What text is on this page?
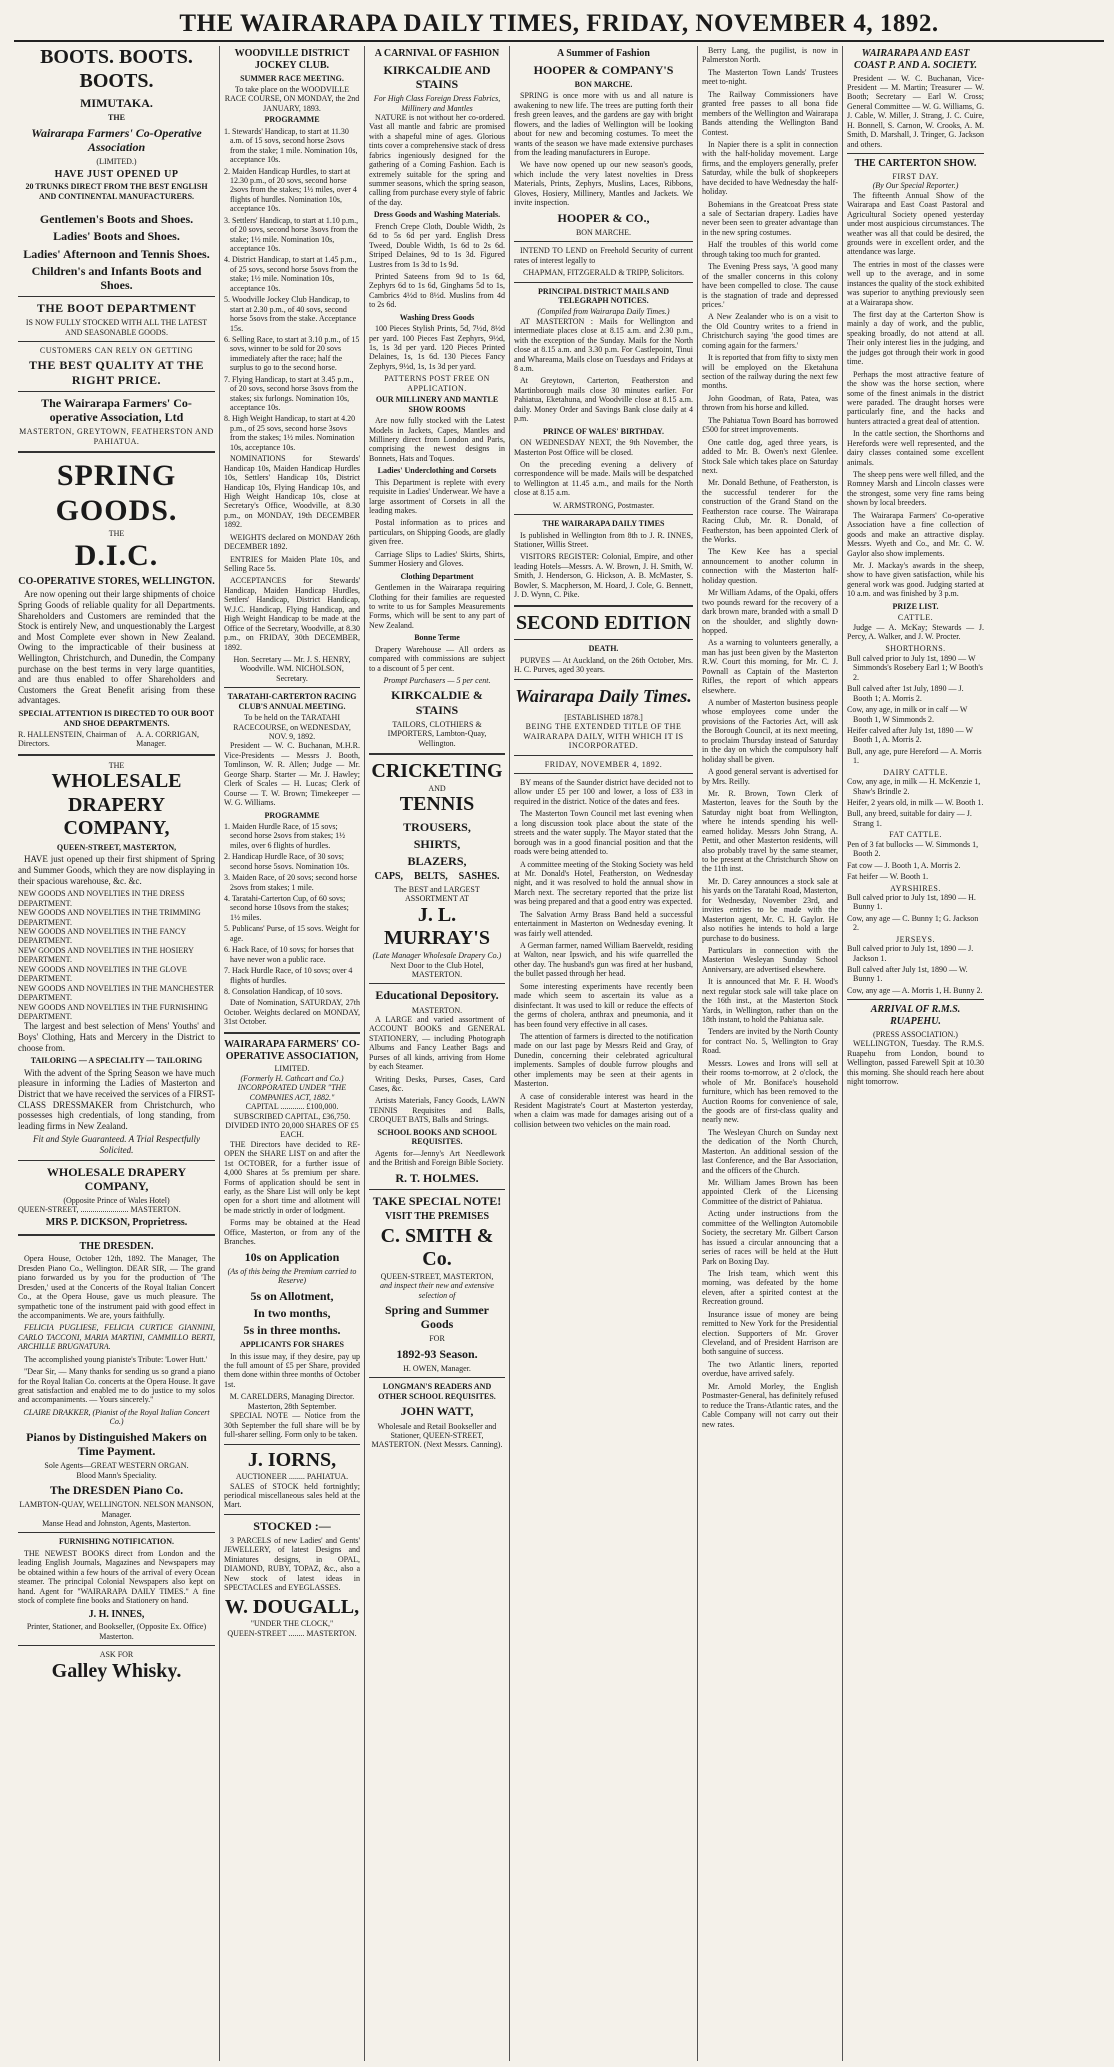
THE WAIRARAPA DAILY TIMES, FRIDAY, NOVEMBER 4, 1892.
BOOTS. BOOTS. BOOTS.
MIMUTAKA.
THE
Wairarapa Farmers' Co-Operative Association
(LIMITED.)
HAVE JUST OPENED UP
20 TRUNKS DIRECT FROM THE BEST ENGLISH AND CONTINENTAL MANUFACTURERS.
Gentlemen's Boots and Shoes.
Ladies' Boots and Shoes.
Ladies' Afternoon and Tennis Shoes.
Children's and Infants Boots and Shoes.
THE BOOT DEPARTMENT
IS NOW FULLY STOCKED WITH ALL THE LATEST AND SEASONABLE GOODS.
CUSTOMERS CAN RELY ON GETTING
THE BEST QUALITY AT THE RIGHT PRICE.
The Wairarapa Farmers' Co-operative Association, Ltd
MASTERTON, GREYTOWN, FEATHERSTON AND PAHIATUA.
SPRING GOODS.
THE
D.I.C.
CO-OPERATIVE STORES, WELLINGTON.

Are now opening out their large shipments of choice Spring Goods of reliable quality for all Departments. Shareholders and Customers are reminded that the Stock is entirely New, and unquestionably the Largest and Most Complete ever shown in New Zealand. Owing to the impracticable of their business at Wellington, Christchurch, and Dunedin, the Company purchase on the best terms in very large quantities, and are thus enabled to offer Shareholders and Customers the Great Benefit arising from these advantages.

SPECIAL ATTENTION IS DIRECTED TO OUR BOOT AND SHOE DEPARTMENTS.
R. HALLENSTEIN, Chairman of Directors.
A. A. CORRIGAN, Manager.
THE
WHOLESALE DRAPERY COMPANY,
QUEEN-STREET, MASTERTON,

HAVE just opened up their first shipment of Spring and Summer Goods, which they are now displaying in their spacious warehouse, &c. &c.

NEW GOODS AND NOVELTIES IN THE DRESS DEPARTMENT.
NEW GOODS AND NOVELTIES IN THE TRIMMING DEPARTMENT.
NEW GOODS AND NOVELTIES IN THE FANCY DEPARTMENT.
NEW GOODS AND NOVELTIES IN THE HOSIERY DEPARTMENT.
NEW GOODS AND NOVELTIES IN THE GLOVE DEPARTMENT.
NEW GOODS AND NOVELTIES IN THE MANCHESTER DEPARTMENT.
NEW GOODS AND NOVELTIES IN THE FURNISHING DEPARTMENT.

The largest and best selection of Mens' Youths' and Boys' Clothing, Hats and Mercery in the District to choose from.

TAILORING — A SPECIALITY — TAILORING

With the advent of the Spring Season we have much pleasure in informing the Ladies of Masterton and District that we have received the services of a FIRST-CLASS DRESSMAKER from Christchurch, who possesses high credentials, of long standing, from leading firms in New Zealand.

Fit and Style Guaranteed. A Trial Respectfully Solicited.
WHOLESALE DRAPERY COMPANY,
(Opposite Prince of Wales Hotel)
QUEEN-STREET, ........................ MASTERTON.
MRS P. DICKSON, Proprietress.
THE DRESDEN.

Opera House, October 12th, 1892. The Manager, The Dresden Piano Co., Wellington. DEAR SIR, — The grand piano forwarded us by you for the production of 'The Dresden,' used at the Concerts of the Royal Italian Concert Co., at the Opera House, gave us much pleasure. The sympathetic tone of the instrument paid with good effect in the accompaniments. We are, yours faithfully.

FELICIA PUGLIESE, FELICIA CURTICE GIANNINI, CARLO TACCONI, MARIA MARTINI, CAMMILLO BERTI, ARCHILLE BRUGNATURA.

The accomplished young pianiste's Tribute: 'Lower Hutt.'

"Dear Sir, — Many thanks for sending us so grand a piano for the Royal Italian Co. concerts at the Opera House. It gave great satisfaction and enabled me to do justice to my solos and accompaniments. — Yours sincerely."

CLAIRE DRAKKER, (Pianist of the Royal Italian Concert Co.)
Pianos by Distinguished Makers on Time Payment.
Sole Agents—GREAT WESTERN ORGAN.
Blood Mann's Speciality.
The DRESDEN Piano Co.
LAMBTON-QUAY, WELLINGTON. NELSON MANSON, Manager.
Manse Head and Johnston, Agents, Masterton.
FURNISHING NOTIFICATION.

THE NEWEST BOOKS direct from London and the leading English Journals, Magazines and Newspapers may be obtained within a few hours of the arrival of every Ocean steamer. The principal Colonial Newspapers also kept on hand. Agent for "WAIRARAPA DAILY TIMES." A fine stock of complete fine books and Stationery on hand.

J. H. INNES,
Printer, Stationer, and Bookseller, (Opposite Ex. Office) Masterton.
ASK FOR
Galley Whisky.
WOODVILLE DISTRICT JOCKEY CLUB.
SUMMER RACE MEETING.
To take place on the WOODVILLE RACE COURSE, ON MONDAY, the 2nd JANUARY, 1893.
PROGRAMME
1. Stewards' Handicap, to start at 11.30 a.m. of 15 sovs, second horse 2sovs from the stake; 1 mile. Nomination 10s, acceptance 10s.
2. Maiden Handicap Hurdles, to start at 12.30 p.m., of 20 sovs, second horse 2sovs from the stakes; 1½ miles, over 4 flights of hurdles. Nomination 10s, acceptance 10s.
3. Settlers' Handicap, to start at 1.10 p.m., of 20 sovs, second horse 3sovs from the stake; 1½ mile. Nomination 10s, acceptance 10s.
4. District Handicap, to start at 1.45 p.m., of 25 sovs, second horse 5sovs from the stake; 1½ mile. Nomination 10s, acceptance 10s.
5. Woodville Jockey Club Handicap, to start at 2.30 p.m., of 40 sovs, second horse 5sovs from the stake. Acceptance 15s.
6. Selling Race, to start at 3.10 p.m., of 15 sovs, winner to be sold for 20 sovs immediately after the race; half the surplus to go to the second horse.
7. Flying Handicap, to start at 3.45 p.m., of 20 sovs, second horse 3sovs from the stakes; six furlongs. Nomination 10s, acceptance 10s.
8. High Weight Handicap, to start at 4.20 p.m., of 25 sovs, second horse 3sovs from the stakes; 1½ miles. Nomination 10s, acceptance 10s.

NOMINATIONS for Stewards' Handicap 10s, Maiden Handicap Hurdles 10s, Settlers' Handicap 10s, District Handicap 10s, Flying Handicap 10s, and High Weight Handicap 10s, close at Secretary's Office, Woodville, at 8.30 p.m., on MONDAY, 19th DECEMBER 1892.

WEIGHTS declared on MONDAY 26th DECEMBER 1892.

ENTRIES for Maiden Plate 10s, and Selling Race 5s.

ACCEPTANCES for Stewards' Handicap, Maiden Handicap Hurdles, Settlers' Handicap, District Handicap, W.J.C. Handicap, Flying Handicap, and High Weight Handicap to be made at the Office of the Secretary, Woodville, at 8.30 p.m., on FRIDAY, 30th DECEMBER, 1892.

Hon. Secretary — Mr. J. S. HENRY, Woodville. WM. NICHOLSON, Secretary.
TARATAHI-CARTERTON RACING CLUB'S ANNUAL MEETING.
To be held on the TARATAHI RACECOURSE, on WEDNESDAY, NOV. 9, 1892.

President — W. C. Buchanan, M.H.R. Vice-Presidents — Messrs J. Booth, Tomlinson, W. R. Allen; Judge — Mr. George Sharp. Starter — Mr. J. Hawley; Clerk of Scales — H. Lucas; Clerk of Course — T. W. Brown; Timekeeper — W. G. Williams.

PROGRAMME
1. Maiden Hurdle Race, of 15 sovs; second horse 2sovs from stakes; 1½ miles, over 6 flights of hurdles.
2. Handicap Hurdle Race, of 30 sovs; second horse 5sovs. Nomination 10s.
3. Maiden Race, of 20 sovs; second horse 2sovs from stakes; 1 mile.
4. Taratahi-Carterton Cup, of 60 sovs; second horse 10sovs from the stakes; 1½ miles.
5. Publicans' Purse, of 15 sovs. Weight for age.
6. Hack Race, of 10 sovs; for horses that have never won a public race.
7. Hack Hurdle Race, of 10 sovs; over 4 flights of hurdles.
8. Consolation Handicap, of 10 sovs.

Date of Nomination, SATURDAY, 27th October. Weights declared on MONDAY, 31st October.

WAIRARAPA FARMERS' CO-OPERATIVE ASSOCIATION,
LIMITED.
(Formerly H. Cathcart and Co.) INCORPORATED UNDER "THE COMPANIES ACT, 1882."
CAPITAL ............ £100,000.
SUBSCRIBED CAPITAL, £36,750.
DIVIDED INTO 20,000 SHARES OF £5 EACH.

THE Directors have decided to RE-OPEN the SHARE LIST on and after the 1st OCTOBER, for a further issue of 4,000 Shares at 5s premium per share. Forms of application should be sent in early, as the Share List will only be kept open for a short time and allotment will be made strictly in order of lodgment.

Forms may be obtained at the Head Office, Masterton, or from any of the Branches.

10s on Application
(As of this being the Premium carried to Reserve)
5s on Allotment,
In two months,
5s in three months.
APPLICANTS FOR SHARES

In this issue may, if they desire, pay up the full amount of £5 per Share, provided them done within three months of October 1st.

M. CARELDERS, Managing Director. Masterton, 28th September.

SPECIAL NOTE — Notice from the 30th September the full share will be by full-sharer selling. Form only to be taken.

J. IORNS,
AUCTIONEER ........ PAHIATUA.

SALES of STOCK held fortnightly; periodical miscellaneous sales held at the Mart.

STOCKED :—

3 PARCELS of new Ladies' and Gents' JEWELLERY, of latest Designs and Miniatures designs, in OPAL, DIAMOND, RUBY, TOPAZ, &c., also a New stock of latest ideas in SPECTACLES and EYEGLASSES.

W. DOUGALL,
"UNDER THE CLOCK,"
QUEEN-STREET ........ MASTERTON.
A CARNIVAL OF FASHION
KIRKCALDIE AND STAINS
For High Class Foreign Dress Fabrics, Millinery and Mantles

NATURE is not without her co-ordered. Vast all mantle and fabric are promised with a shapeful mine of ages. Glorious tints cover a comprehensive stack of dress fabrics ingeniously designed for the gathering of a Coming Fashion. Each is extremely suitable for the spring and summer seasons, which the spring season, calling from purchase every style of fabric of the day.

Dress Goods and Washing Materials.

French Crepe Cloth, Double Width, 2s 6d to 5s 6d per yard. English Dress Tweed, Double Width, 1s 6d to 2s 6d. Striped Delaines, 9d to 1s 3d. Figured Lustres from 1s 3d to 1s 9d.

Printed Sateens from 9d to 1s 6d, Zephyrs 6d to 1s 6d, Ginghams 5d to 1s, Cambrics 4½d to 8½d. Muslins from 4d to 2s 6d.

Washing Dress Goods

100 Pieces Stylish Prints, 5d, 7½d, 8½d per yard. 100 Pieces Fast Zephyrs, 9½d, 1s, 1s 3d per yard. 120 Pieces Printed Delaines, 1s, 1s 6d. 130 Pieces Fancy Zephyrs, 9½d, 1s, 1s 3d per yard.

PATTERNS POST FREE ON APPLICATION.
OUR MILLINERY AND MANTLE SHOW ROOMS

Are now fully stocked with the Latest Models in Jackets, Capes, Mantles and Millinery direct from London and Paris, comprising the newest designs in Bonnets, Hats and Toques.

Ladies' Underclothing and Corsets

This Department is replete with every requisite in Ladies' Underwear. We have a large assortment of Corsets in all the leading makes.

Postal information as to prices and particulars, on Shipping Goods, are gladly given free.

Carriage Slips to Ladies' Skirts, Shirts, Summer Hosiery and Gloves.

Clothing Department

Gentlemen in the Wairarapa requiring Clothing for their families are requested to write to us for Samples Measurements Forms, which will be sent to any part of New Zealand.

Bonne Terme

Drapery Warehouse — All orders as compared with commissions are subject to a discount of 5 per cent.

Prompt Purchasers — 5 per cent.
KIRKCALDIE & STAINS
TAILORS, CLOTHIERS & IMPORTERS, Lambton-Quay, Wellington.
CRICKETING
AND
TENNIS
TROUSERS,
SHIRTS,
BLAZERS,
CAPS, BELTS, SASHES.
The BEST and LARGEST ASSORTMENT AT
J. L. MURRAY'S
(Late Manager Wholesale Drapery Co.)
Next Door to the Club Hotel, MASTERTON.
Educational Depository.
MASTERTON.

A LARGE and varied assortment of ACCOUNT BOOKS and GENERAL STATIONERY, — including Photograph Albums and Fancy Leather Bags and Purses of all kinds, arriving from Home by each Steamer.

Writing Desks, Purses, Cases, Card Cases, &c.

Artists Materials, Fancy Goods, LAWN TENNIS Requisites and Balls, CROQUET BATS, Balls and Strings.

SCHOOL BOOKS AND SCHOOL REQUISITES.

Agents for—Jenny's Art Needlework and the British and Foreign Bible Society.

R. T. HOLMES.
TAKE SPECIAL NOTE!
VISIT THE PREMISES
C. SMITH & Co.
QUEEN-STREET, MASTERTON,
and inspect their new and extensive selection of
Spring and Summer Goods
FOR
1892-93 Season.
H. OWEN, Manager.
LONGMAN'S READERS AND OTHER SCHOOL REQUISITES.
JOHN WATT,
Wholesale and Retail Bookseller and Stationer, QUEEN-STREET, MASTERTON. (Next Messrs. Canning).
A Summer of Fashion
HOOPER & COMPANY'S
BON MARCHE.

SPRING is once more with us and all nature is awakening to new life. The trees are putting forth their fresh green leaves, and the gardens are gay with bright flowers, and the ladies of Wellington will be looking about for new and becoming costumes. To meet the wants of the season we have made extensive purchases from the leading manufacturers in Europe.

We have now opened up our new season's goods, which include the very latest novelties in Dress Materials, Prints, Zephyrs, Muslins, Laces, Ribbons, Gloves, Hosiery, Millinery, Mantles and Jackets. We invite inspection.

HOOPER & CO.,
BON MARCHE.

INTEND TO LEND on Freehold Security of current rates of interest legally to

CHAPMAN, FITZGERALD & TRIPP, Solicitors.
PRINCIPAL DISTRICT MAILS AND TELEGRAPH NOTICES.
(Compiled from Wairarapa Daily Times.)

AT MASTERTON : Mails for Wellington and intermediate places close at 8.15 a.m. and 2.30 p.m., with the exception of the Sunday. Mails for the North close at 8.15 a.m. and 3.30 p.m. For Castlepoint, Tinui and Whareama, Mails close on Tuesdays and Fridays at 8 a.m.

At Greytown, Carterton, Featherston and Martinborough mails close 30 minutes earlier. For Pahiatua, Eketahuna, and Woodville close at 8.15 a.m. daily. Money Order and Savings Bank close daily at 4 p.m.

PRINCE OF WALES' BIRTHDAY.

ON WEDNESDAY NEXT, the 9th November, the Masterton Post Office will be closed.

On the preceding evening a delivery of correspondence will be made. Mails will be despatched to Wellington at 11.45 a.m., and mails for the North close at 8.15 a.m.

W. ARMSTRONG, Postmaster.
THE WAIRARAPA DAILY TIMES

Is published in Wellington from 8th to J. R. INNES, Stationer, Willis Street.

VISITORS REGISTER: Colonial, Empire, and other leading Hotels—Messrs. A. W. Brown, J. H. Smith, W. Smith, J. Henderson, G. Hickson, A. B. McMaster, S. Bowler, S. Macpherson, M. Hoard, J. Cole, G. Bennett, J. D. Wynn, C. Pike.

SECOND EDITION
DEATH.

PURVES — At Auckland, on the 26th October, Mrs. H. C. Purves, aged 30 years.

Wairarapa Daily Times.
[ESTABLISHED 1878.]
BEING THE EXTENDED TITLE OF THE WAIRARAPA DAILY, WITH WHICH IT IS INCORPORATED.
FRIDAY, NOVEMBER 4, 1892.

BY means of the Saunder district have decided not to allow under £5 per 100 and lower, a loss of £33 in required in the district. Notice of the dates and fees.

The Masterton Town Council met last evening when a long discussion took place about the state of the streets and the water supply. The Mayor stated that the borough was in a good financial position and that the roads were being attended to.

A committee meeting of the Stoking Society was held at Mr. Donald's Hotel, Featherston, on Wednesday night, and it was resolved to hold the annual show in March next. The secretary reported that the prize list was being prepared and that a good entry was expected.

The Salvation Army Brass Band held a successful entertainment in Masterton on Wednesday evening. It was fairly well attended.

A German farmer, named William Baerveldt, residing at Walton, near Ipswich, and his wife quarrelled the other day. The husband's gun was fired at her husband, the bullet passed through her head.

Some interesting experiments have recently been made which seem to ascertain its value as a disinfectant. It was used to kill or reduce the effects of the germs of cholera, anthrax and pneumonia, and it has been found very effective in all cases.

The attention of farmers is directed to the notification made on our last page by Messrs Reid and Gray, of Dunedin, concerning their celebrated agricultural implements. Samples of double furrow ploughs and other implements may be seen at their agents in Masterton.

A case of considerable interest was heard in the Resident Magistrate's Court at Masterton yesterday, when a claim was made for damages arising out of a collision between two vehicles on the main road.

Berry Lang, the pugilist, is now in Palmerston North.

The Masterton Town Lands' Trustees meet to-night.

The Railway Commissioners have granted free passes to all bona fide members of the Wellington and Wairarapa Bands attending the Wellington Band Contest.

In Napier there is a split in connection with the half-holiday movement. Large firms, and the employers generally, prefer Saturday, while the bulk of shopkeepers have decided to have Wednesday the half-holiday.

Bohemians in the Greatcoat Press state a sale of Sectarian drapery. Ladies have never been seen to greater advantage than in the new spring costumes.

Half the troubles of this world come through taking too much for granted.

The Evening Press says, 'A good many of the smaller concerns in this colony have been compelled to close. The cause is the stagnation of trade and depressed prices.'

A New Zealander who is on a visit to the Old Country writes to a friend in Christchurch saying 'the good times are coming again for the farmers.'

It is reported that from fifty to sixty men will be employed on the Eketahuna section of the railway during the next few months.

John Goodman, of Rata, Patea, was thrown from his horse and killed.

The Pahiatua Town Board has borrowed £500 for street improvements.

One cattle dog, aged three years, is added to Mr. B. Owen's next Glenlee. Stock Sale which takes place on Saturday next.

Mr. Donald Bethune, of Featherston, is the successful tenderer for the construction of the Grand Stand on the Featherston race course. The Wairarapa Racing Club, Mr. R. Donald, of Featherston, has been appointed Clerk of the Works.

The Kew Kee has a special announcement to another column in connection with the Masterton half-holiday question.

Mr William Adams, of the Opaki, offers two pounds reward for the recovery of a dark brown mare, branded with a small D on the shoulder, and slightly down-hopped.

As a warning to volunteers generally, a man has just been given by the Masterton R.W. Court this morning, for Mr. C. J. Pownall as Captain of the Masterton Rifles, the report of which appears elsewhere.

A number of Masterton business people whose employees come under the provisions of the Factories Act, will ask the Borough Council, at its next meeting, to proclaim Thursday instead of Saturday in the day on which the compulsory half holiday shall be given.

A good general servant is advertised for by Mrs. Reilly.

Mr. R. Brown, Town Clerk of Masterton, leaves for the South by the Saturday night boat from Wellington, where he intends spending his well-earned holiday. Messrs John Strang, A. Pettit, and other Masterton residents, will also probably travel by the same steamer, to be present at the Christchurch Show on the 11th inst.

Mr. D. Carey announces a stock sale at his yards on the Taratahi Road, Masterton, for Wednesday, November 23rd, and invites entries to be made with the Masterton agent, Mr. C. H. Gaylor. He also notifies he intends to hold a large purchase to do business.

Particulars in connection with the Masterton Wesleyan Sunday School Anniversary, are advertised elsewhere.

It is announced that Mr. F. H. Wood's next regular stock sale will take place on the 16th inst., at the Masterton Stock Yards, in Wellington, rather than on the 18th instant, to hold the Pahiatua sale.

Tenders are invited by the North County for contract No. 5, Wellington to Gray Road.

Messrs. Lowes and Irons will sell at their rooms to-morrow, at 2 o'clock, the whole of Mr. Boniface's household furniture, which has been removed to the Auction Rooms for convenience of sale, the goods are of first-class quality and nearly new.

The Wesleyan Church on Sunday next the dedication of the North Church, Masterton. An additional session of the last Conference, and the Bar Association, and the officers of the Church.

Mr. William James Brown has been appointed Clerk of the Licensing Committee of the district of Pahiatua.

Acting under instructions from the committee of the Wellington Automobile Society, the secretary Mr. Gilbert Carson has issued a circular announcing that a series of races will be held at the Hutt Park on Boxing Day.

The Irish team, which went this morning, was defeated by the home eleven, after a spirited contest at the Recreation ground.

Insurance issue of money are being remitted to New York for the Presidential election. Supporters of Mr. Grover Cleveland, and of President Harrison are both sanguine of success.

The two Atlantic liners, reported overdue, have arrived safely.

Mr. Arnold Morley, the English Postmaster-General, has definitely refused to reduce the Trans-Atlantic rates, and the Cable Company will not carry out their new rates.

WAIRARAPA AND EAST COAST P. AND A. SOCIETY.

President — W. C. Buchanan, Vice-President — M. Martin; Treasurer — W. Booth; Secretary — Earl W. Cross; General Committee — W. G. Williams, G. J. Cable, W. Miller, J. Strang, J. C. Cuire, H. Bonnell, S. Carnon, W. Crooks, A. M. Smith, D. Marshall, J. Tringer, G. Jackson and others.

THE CARTERTON SHOW.
FIRST DAY.
(By Our Special Reporter.)

The fifteenth Annual Show of the Wairarapa and East Coast Pastoral and Agricultural Society opened yesterday under most auspicious circumstances. The weather was all that could be desired, the grounds were in excellent order, and the attendance was large.

The entries in most of the classes were well up to the average, and in some instances the quality of the stock exhibited was superior to anything previously seen at a Wairarapa show.

The first day at the Carterton Show is mainly a day of work, and the public, speaking broadly, do not attend at all. Their only interest lies in the judging, and the judges got through their work in good time.

Perhaps the most attractive feature of the show was the horse section, where some of the finest animals in the district were paraded. The draught horses were particularly fine, and the hacks and hunters attracted a great deal of attention.

In the cattle section, the Shorthorns and Herefords were well represented, and the dairy classes contained some excellent animals.

The sheep pens were well filled, and the Romney Marsh and Lincoln classes were the strongest, some very fine rams being shown by local breeders.

The Wairarapa Farmers' Co-operative Association have a fine collection of goods and make an attractive display. Messrs. Wyeth and Co., and Mr. C. W. Gaylor also show implements.

Mr. J. Mackay's awards in the sheep, show to have given satisfaction, while his general work was good. Judging started at 10 a.m. and was finished by 3 p.m.

PRIZE LIST.
CATTLE.

Judge — A. McKay; Stewards — J. Percy, A. Walker, and J. W. Procter.

SHORTHORNS.
Bull calved prior to July 1st, 1890 — W Simmonds's Rosebery Earl 1; W Booth's 2.
Bull calved after 1st July, 1890 — J. Booth 1; A. Morris 2.
Cow, any age, in milk or in calf — W Booth 1, W Simmonds 2.
Heifer calved after July 1st, 1890 — W Booth 1, A. Morris 2.
Bull, any age, pure Hereford — A. Morris 1.
DAIRY CATTLE.
Cow, any age, in milk — H. McKenzie 1, Shaw's Brindle 2.
Heifer, 2 years old, in milk — W. Booth 1.
Bull, any breed, suitable for dairy — J. Strang 1.
FAT CATTLE.
Pen of 3 fat bullocks — W. Simmonds 1, Booth 2.
Fat cow — J. Booth 1, A. Morris 2.
Fat heifer — W. Booth 1.
AYRSHIRES.
Bull calved prior to July 1st, 1890 — H. Bunny 1.
Cow, any age — C. Bunny 1; G. Jackson 2.
JERSEYS.
Bull calved prior to July 1st, 1890 — J. Jackson 1.
Bull calved after July 1st, 1890 — W. Bunny 1.
Cow, any age — A. Morris 1, H. Bunny 2.
ARRIVAL OF R.M.S. RUAPEHU.
(PRESS ASSOCIATION.)

WELLINGTON, Tuesday. The R.M.S. Ruapehu from London, bound to Wellington, passed Farewell Spit at 10.30 this morning. She should reach here about night tomorrow.
